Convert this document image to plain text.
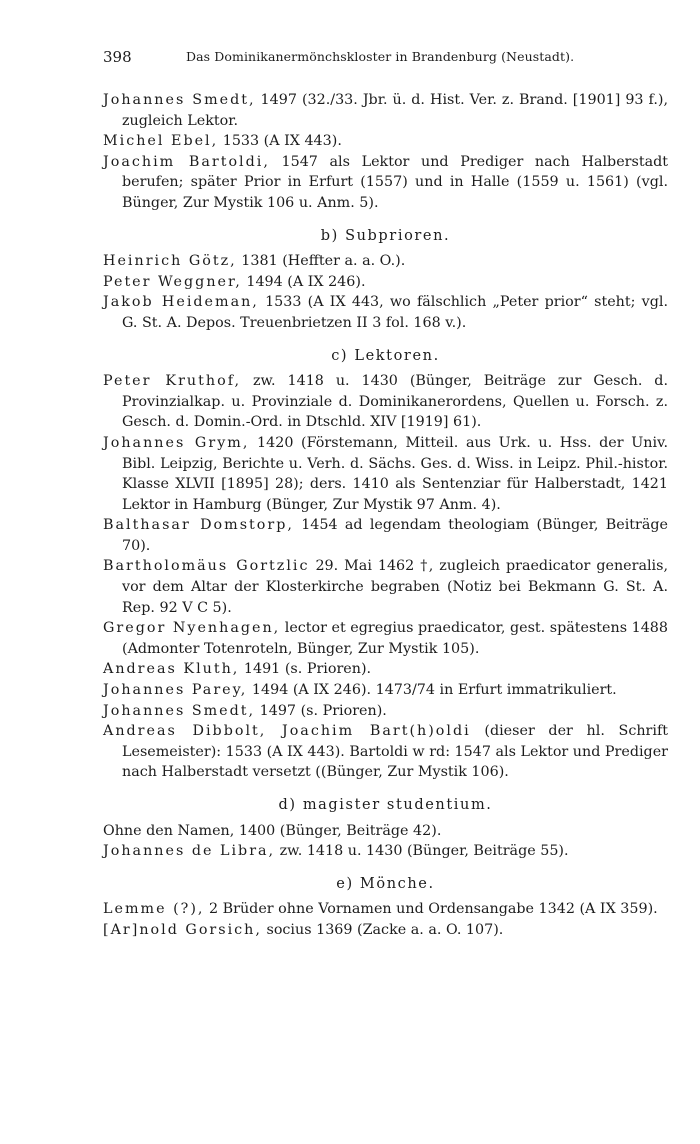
398	Das Dominikanermönchskloster in Brandenburg (Neustadt).

Johannes Smedt, 1497 (32./33. Jbr. ü. d. Hist. Ver. z. Brand. [1901] 93 f.), zugleich Lektor.

Michel Ebel, 1533 (A IX 443).

Joachim Bartoldi, 1547 als Lektor und Prediger nach Halberstadt berufen; später Prior in Erfurt (1557) und in Halle (1559 u. 1561) (vgl. Bünger, Zur Mystik 106 u. Anm. 5).

b) Subprioren.

Heinrich Götz, 1381 (Heffter a. a. O.).

Peter Weggner, 1494 (A IX 246).

Jakob Heideman, 1533 (A IX 443, wo fälschlich „Peter prior“ steht; vgl. G. St. A. Depos. Treuenbrietzen II 3 fol. 168 v.).

c) Lektoren.

Peter Kruthof, zw. 1418 u. 1430 (Bünger, Beiträge zur Gesch. d. Provinzialkap. u. Provinziale d. Dominikanerordens, Quellen u. Forsch. z. Gesch. d. Domin.-Ord. in Dtschld. XIV [1919] 61).

Johannes Grym, 1420 (Förstemann, Mitteil. aus Urk. u. Hss. der Univ. Bibl. Leipzig, Berichte u. Verh. d. Sächs. Ges. d. Wiss. in Leipz. Phil.-histor. Klasse XLVII [1895] 28); ders. 1410 als Sentenziar für Halberstadt, 1421 Lektor in Hamburg (Bünger, Zur Mystik 97 Anm. 4).

Balthasar Domstorp, 1454 ad legendam theologiam (Bünger, Beiträge 70).

Bartholomäus Gortzlic 29. Mai 1462 †, zugleich praedicator generalis, vor dem Altar der Klosterkirche begraben (Notiz bei Bekmann G. St. A. Rep. 92 V C 5).

Gregor Nyenhagen, lector et egregius praedicator, gest. spätestens 1488 (Admonter Totenroteln, Bünger, Zur Mystik 105).

Andreas Kluth, 1491 (s. Prioren).

Johannes Parey, 1494 (A IX 246). 1473/74 in Erfurt immatrikuliert.

Johannes Smedt, 1497 (s. Prioren).

Andreas Dibbolt, Joachim Bart(h)oldi (dieser der hl. Schrift Lesemeister): 1533 (A IX 443). Bartoldi w rd: 1547 als Lektor und Prediger nach Halberstadt versetzt ((Bünger, Zur Mystik 106).

d) magister studentium.

Ohne den Namen, 1400 (Bünger, Beiträge 42).

Johannes de Libra, zw. 1418 u. 1430 (Bünger, Beiträge 55).

e) Mönche.

Lemme (?), 2 Brüder ohne Vornamen und Ordensangabe 1342 (A IX 359).

[Ar]nold Gorsich, socius 1369 (Zacke a. a. O. 107).
